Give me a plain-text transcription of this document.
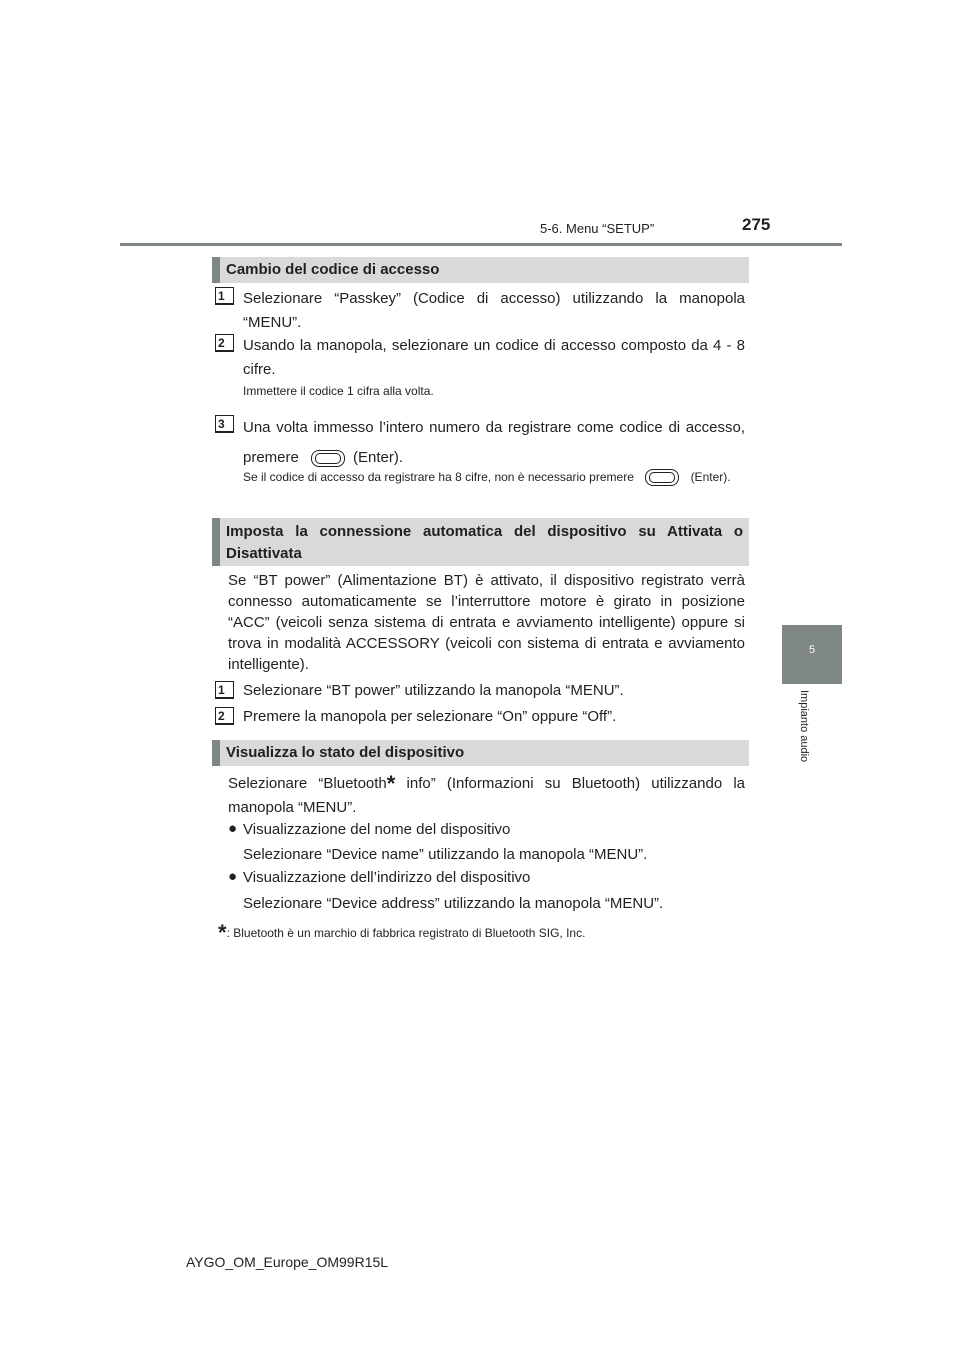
5-6. Menu “SETUP”	275
5
Impianto audio
Cambio del codice di accesso
1	Selezionare “Passkey” (Codice di accesso) utilizzando la manopola “MENU”.
2	Usando la manopola, selezionare un codice di accesso composto da 4 - 8 cifre.
Immettere il codice 1 cifra alla volta.
3	Una volta immesso l’intero numero da registrare come codice di accesso, premere	(Enter).
Se il codice di accesso da registrare ha 8 cifre, non è necessario premere	(Enter).
Imposta la connessione automatica del dispositivo su Attivata o Disattivata
Se “BT power” (Alimentazione BT) è attivato, il dispositivo registrato verrà connesso automaticamente se l’interruttore motore è girato in posizione “ACC” (veicoli senza sistema di entrata e avviamento intelligente) oppure si trova in modalità ACCESSORY (veicoli con sistema di entrata e avviamento intelligente).
1	Selezionare “BT power” utilizzando la manopola “MENU”.
2	Premere la manopola per selezionare “On” oppure “Off”.
Visualizza lo stato del dispositivo
Selezionare “Bluetooth* info” (Informazioni su Bluetooth) utilizzando la manopola “MENU”.
● Visualizzazione del nome del dispositivo
Selezionare “Device name” utilizzando la manopola “MENU”.
● Visualizzazione dell’indirizzo del dispositivo
Selezionare “Device address” utilizzando la manopola “MENU”.
*: Bluetooth è un marchio di fabbrica registrato di Bluetooth SIG, Inc.
AYGO_OM_Europe_OM99R15L
